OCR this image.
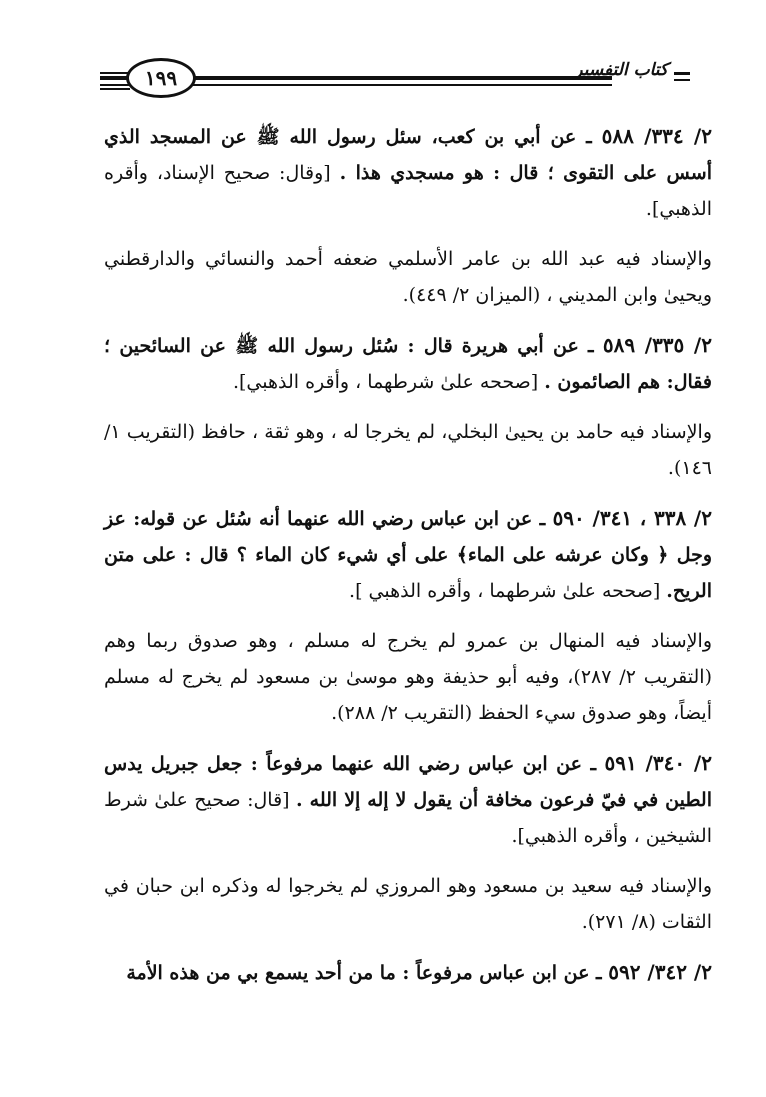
١٩٩	كتاب التفسير

٢/ ٣٣٤/ ٥٨٨ ـ عن أبي بن كعب، سئل رسول الله ﷺ عن المسجد الذي أسس على التقوى ؛ قال : هو مسجدي هذا . [وقال: صحيح الإسناد، وأقره الذهبي].

والإسناد فيه عبد الله بن عامر الأسلمي ضعفه أحمد والنسائي والدارقطني ويحيىٰ وابن المديني ، (الميزان ٢/ ٤٤٩).

٢/ ٣٣٥/ ٥٨٩ ـ عن أبي هريرة قال : سُئل رسول الله ﷺ عن السائحين ؛ فقال: هم الصائمون . [صححه علىٰ شرطهما ، وأقره الذهبي].

والإسناد فيه حامد بن يحيىٰ البخلي، لم يخرجا له ، وهو ثقة ، حافظ (التقريب ١/ ١٤٦).

٢/ ٣٣٨ ، ٣٤١/ ٥٩٠ ـ عن ابن عباس رضي الله عنهما أنه سُئل عن قوله: عز وجل ﴿ وكان عرشه على الماء﴾ على أي شيء كان الماء ؟ قال : على متن الريح. [صححه علىٰ شرطهما ، وأقره الذهبي ].

والإسناد فيه المنهال بن عمرو لم يخرج له مسلم ، وهو صدوق ربما وهم (التقريب ٢/ ٢٨٧)، وفيه أبو حذيفة وهو موسىٰ بن مسعود لم يخرج له مسلم أيضاً، وهو صدوق سيء الحفظ (التقريب ٢/ ٢٨٨).

٢/ ٣٤٠/ ٥٩١ ـ عن ابن عباس رضي الله عنهما مرفوعاً : جعل جبريل يدس الطين في فيّ فرعون مخافة أن يقول لا إله إلا الله . [قال: صحيح علىٰ شرط الشيخين ، وأقره الذهبي].

والإسناد فيه سعيد بن مسعود وهو المروزي لم يخرجوا له وذكره ابن حبان في الثقات (٨/ ٢٧١).

٢/ ٣٤٢/ ٥٩٢ ـ عن ابن عباس مرفوعاً : ما من أحد يسمع بي من هذه الأمة
